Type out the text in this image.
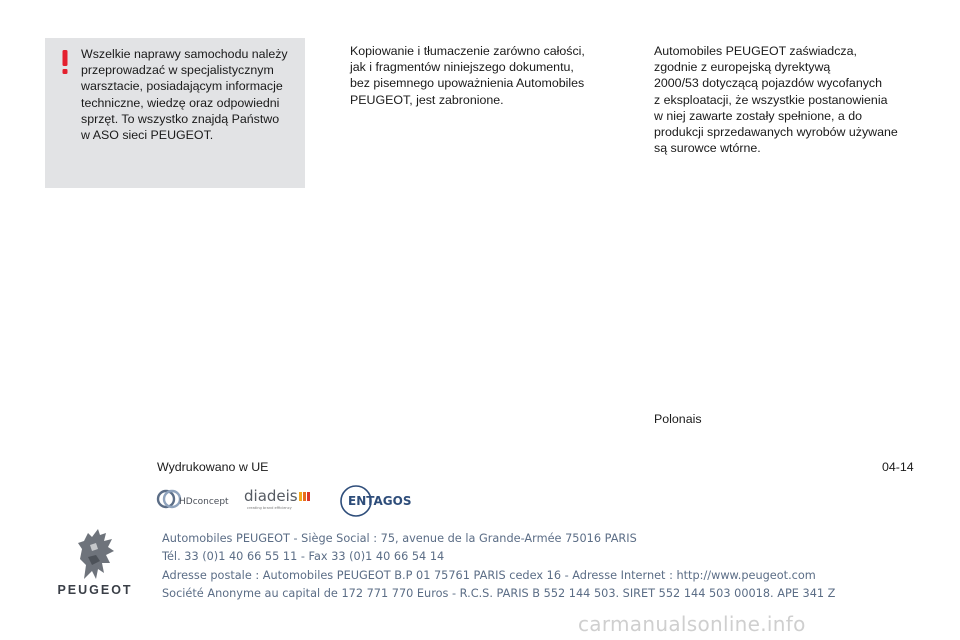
Wszelkie naprawy samochodu należy
przeprowadzać w specjalistycznym
warsztacie, posiadającym informacje
techniczne, wiedzę oraz odpowiedni
sprzęt. To wszystko znajdą Państwo
w ASO sieci PEUGEOT.

Kopiowanie i tłumaczenie zarówno całości,
jak i fragmentów niniejszego dokumentu,
bez pisemnego upoważnienia Automobiles
PEUGEOT, jest zabronione.

Automobiles PEUGEOT zaświadcza,
zgodnie z europejską dyrektywą
2000/53 dotyczącą pojazdów wycofanych
z eksploatacji, że wszystkie postanowienia
w niej zawarte zostały spełnione, a do
produkcji sprzedawanych wyrobów używane
są surowce wtórne.

Polonais
Wydrukowano w UE	04-14
HDconcept diadeis
creating brand efficiency	ENTAGOS
PEUGEOT
Automobiles PEUGEOT - Siège Social : 75, avenue de la Grande-Armée 75016 PARIS
Tél. 33 (0)1 40 66 55 11 - Fax 33 (0)1 40 66 54 14
Adresse postale : Automobiles PEUGEOT B.P 01 75761 PARIS cedex 16 - Adresse Internet : http://www.peugeot.com
Société Anonyme au capital de 172 771 770 Euros - R.C.S. PARIS B 552 144 503. SIRET 552 144 503 00018. APE 341 Z
carmanualsonline.info
